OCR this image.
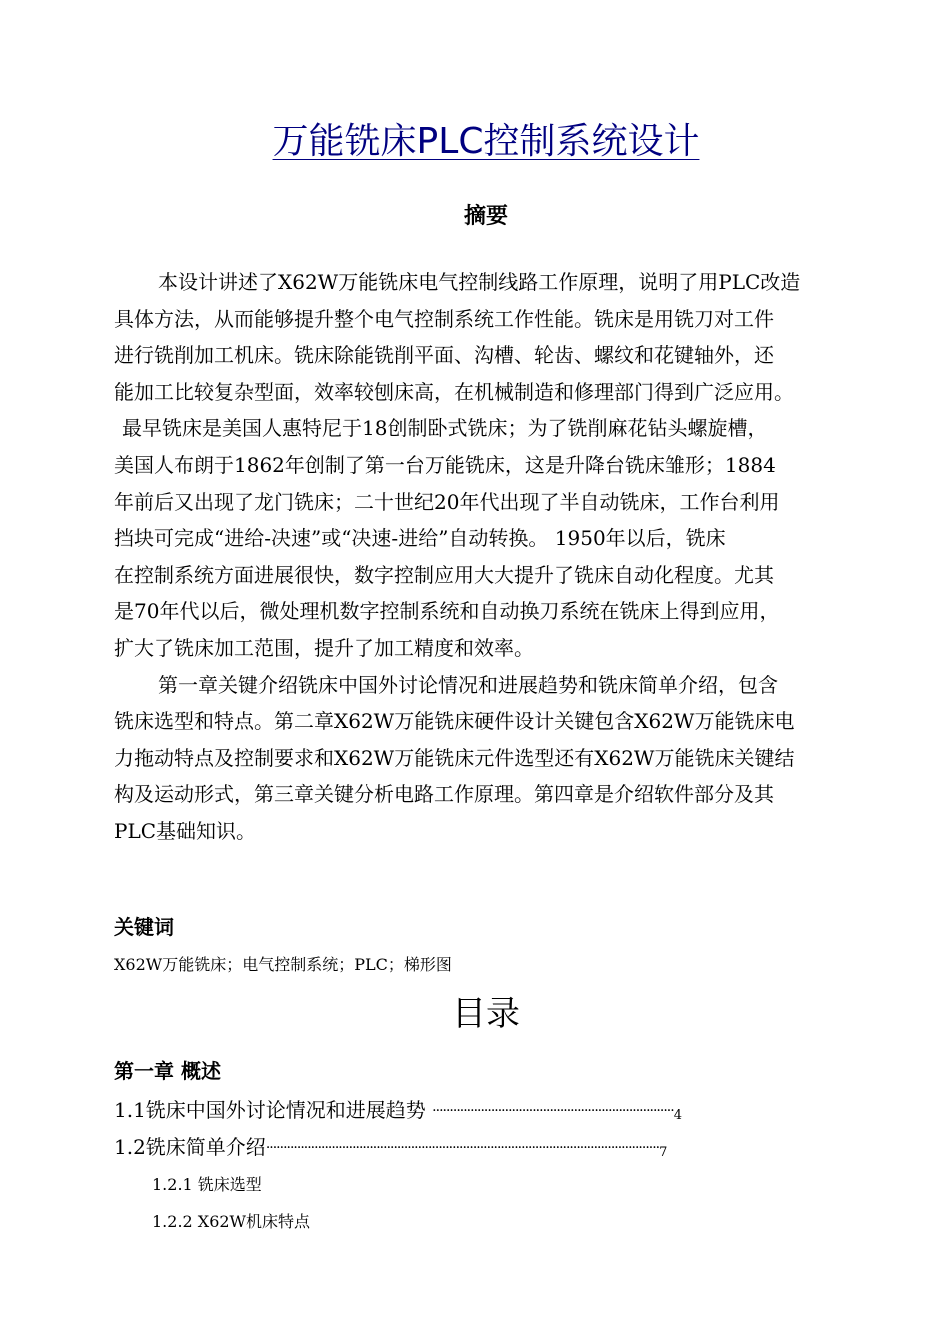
万能铣床PLC控制系统设计
摘要
本设计讲述了X62W万能铣床电气控制线路工作原理，说明了用PLC改造
具体方法，从而能够提升整个电气控制系统工作性能。铣床是用铣刀对工件
进行铣削加工机床。铣床除能铣削平面、沟槽、轮齿、螺纹和花键轴外，还
能加工比较复杂型面，效率较刨床高，在机械制造和修理部门得到广泛应用。
最早铣床是美国人惠特尼于18创制卧式铣床；为了铣削麻花钻头螺旋槽，
美国人布朗于1862年创制了第一台万能铣床，这是升降台铣床雏形；1884
年前后又出现了龙门铣床；二十世纪20年代出现了半自动铣床，工作台利用
挡块可完成“进给-决速”或“决速-进给”自动转换。 1950年以后，铣床
在控制系统方面进展很快，数字控制应用大大提升了铣床自动化程度。尤其
是70年代以后，微处理机数字控制系统和自动换刀系统在铣床上得到应用，
扩大了铣床加工范围，提升了加工精度和效率。
第一章关键介绍铣床中国外讨论情况和进展趋势和铣床简单介绍，包含
铣床选型和特点。第二章X62W万能铣床硬件设计关键包含X62W万能铣床电
力拖动特点及控制要求和X62W万能铣床元件选型还有X62W万能铣床关键结
构及运动形式，第三章关键分析电路工作原理。第四章是介绍软件部分及其
PLC基础知识。
关键词
X62W万能铣床；电气控制系统；PLC；梯形图
目录
第一章 概述
1.1铣床中国外讨论情况和进展趋势 ······································································4
1.2铣床简单介绍··················································································································7
1.2.1 铣床选型
1.2.2 X62W机床特点
